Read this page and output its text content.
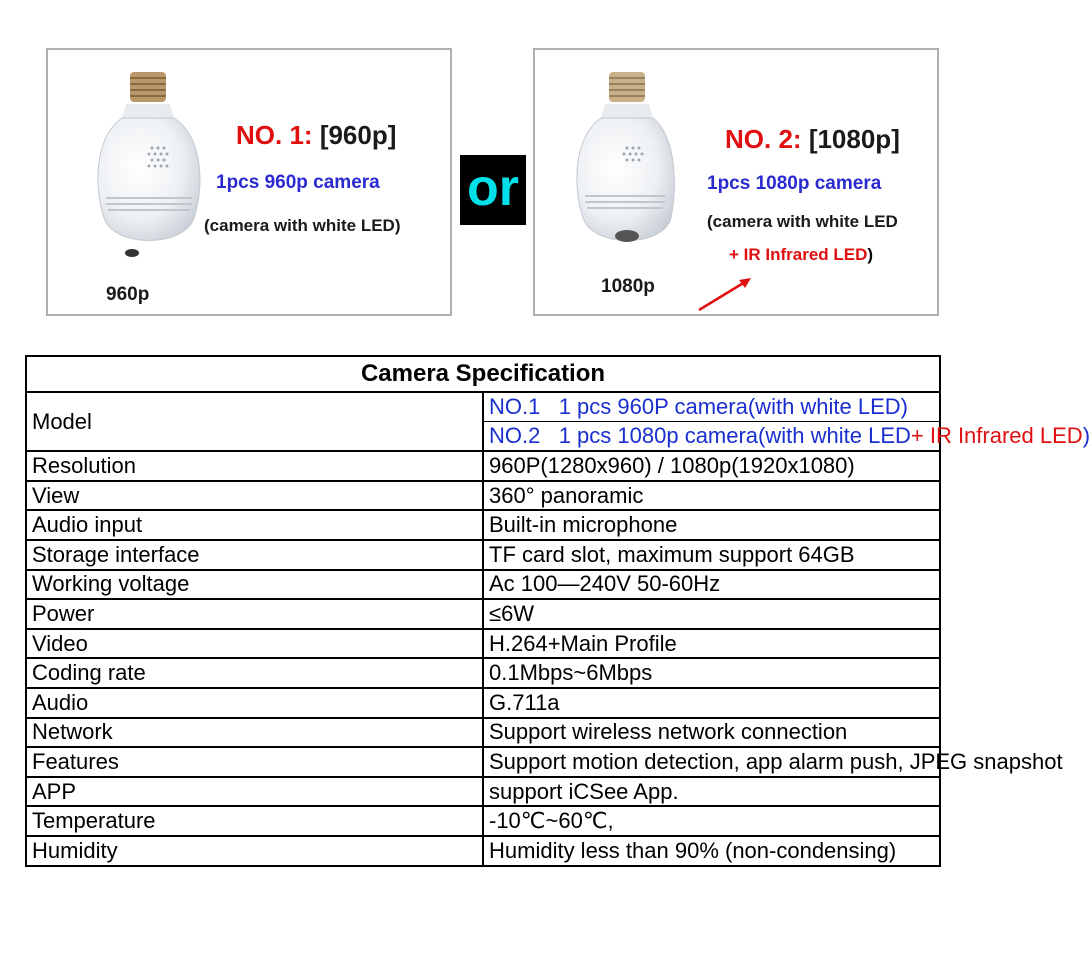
NO. 1: [960p]
1pcs 960p camera
(camera with white LED)
960p
or
NO. 2: [1080p]
1pcs 1080p camera
(camera with white LED
+ IR Infrared LED)
1080p
Camera Specification	
Model	NO.1 1 pcs 960P camera(with white LED)
	NO.2 1 pcs 1080p camera(with white LED+ IR Infrared LED)
Resolution	960P(1280x960) / 1080p(1920x1080)
View	360° panoramic
Audio input	Built-in microphone
Storage interface	TF card slot, maximum support 64GB
Working voltage	Ac 100—240V 50-60Hz
Power	≤6W
Video	H.264+Main Profile
Coding rate	0.1Mbps~6Mbps
Audio	G.711a
Network	Support wireless network connection
Features	Support motion detection, app alarm push, JPEG snapshot
APP	support iCSee App.
Temperature	-10℃~60℃,
Humidity	Humidity less than 90% (non-condensing)
